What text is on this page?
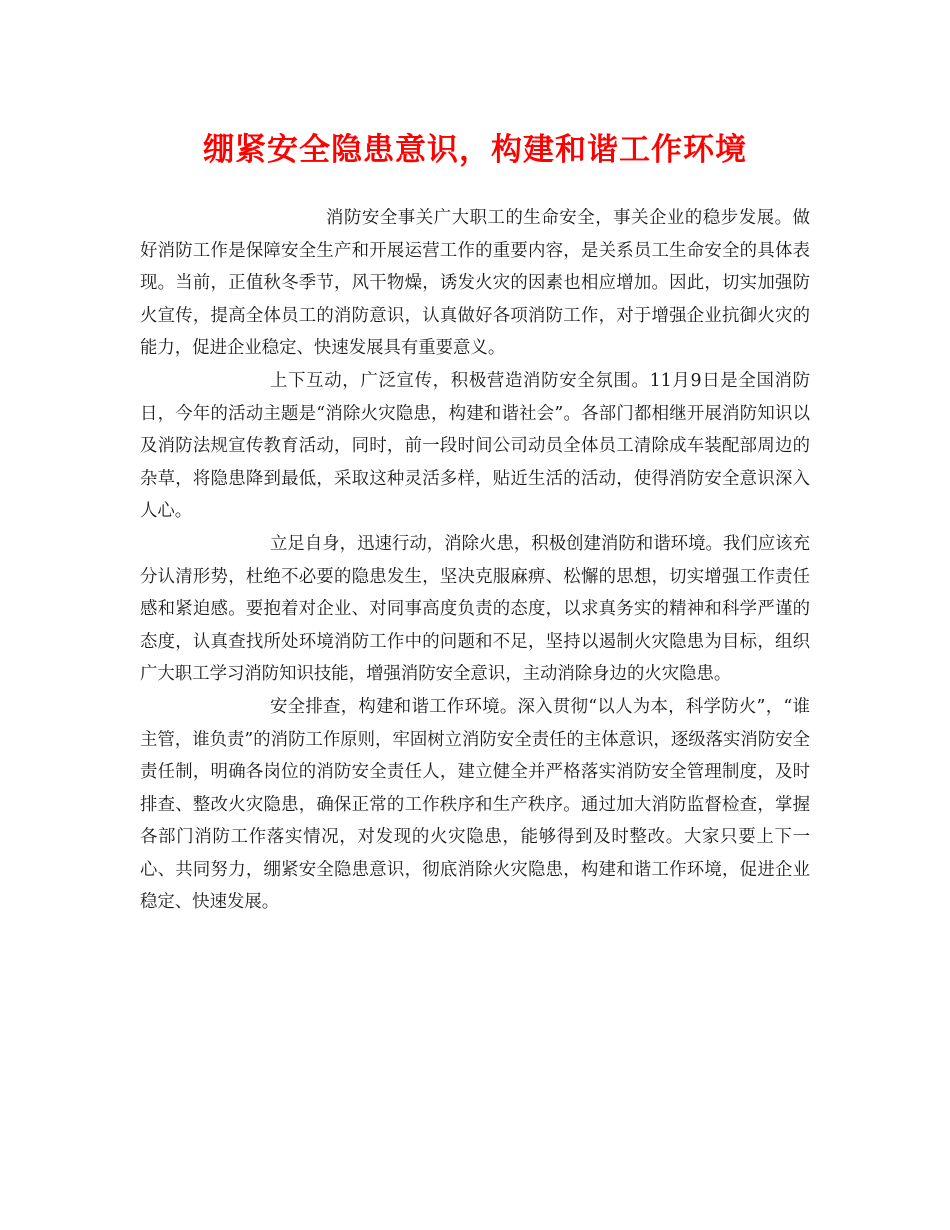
绷紧安全隐患意识，构建和谐工作环境

消防安全事关广大职工的生命安全，事关企业的稳步发展。做好消防工作是保障安全生产和开展运营工作的重要内容，是关系员工生命安全的具体表现。当前，正值秋冬季节，风干物燥，诱发火灾的因素也相应增加。因此，切实加强防火宣传，提高全体员工的消防意识，认真做好各项消防工作，对于增强企业抗御火灾的能力，促进企业稳定、快速发展具有重要意义。

上下互动，广泛宣传，积极营造消防安全氛围。11月9日是全国消防日，今年的活动主题是“消除火灾隐患，构建和谐社会”。各部门都相继开展消防知识以及消防法规宣传教育活动，同时，前一段时间公司动员全体员工清除成车装配部周边的杂草，将隐患降到最低，采取这种灵活多样，贴近生活的活动，使得消防安全意识深入人心。

立足自身，迅速行动，消除火患，积极创建消防和谐环境。我们应该充分认清形势，杜绝不必要的隐患发生，坚决克服麻痹、松懈的思想，切实增强工作责任感和紧迫感。要抱着对企业、对同事高度负责的态度，以求真务实的精神和科学严谨的态度，认真查找所处环境消防工作中的问题和不足，坚持以遏制火灾隐患为目标，组织广大职工学习消防知识技能，增强消防安全意识，主动消除身边的火灾隐患。

安全排查，构建和谐工作环境。深入贯彻“以人为本，科学防火”，“谁主管，谁负责”的消防工作原则，牢固树立消防安全责任的主体意识，逐级落实消防安全责任制，明确各岗位的消防安全责任人，建立健全并严格落实消防安全管理制度，及时排查、整改火灾隐患，确保正常的工作秩序和生产秩序。通过加大消防监督检查，掌握各部门消防工作落实情况，对发现的火灾隐患，能够得到及时整改。大家只要上下一心、共同努力，绷紧安全隐患意识，彻底消除火灾隐患，构建和谐工作环境，促进企业稳定、快速发展。
